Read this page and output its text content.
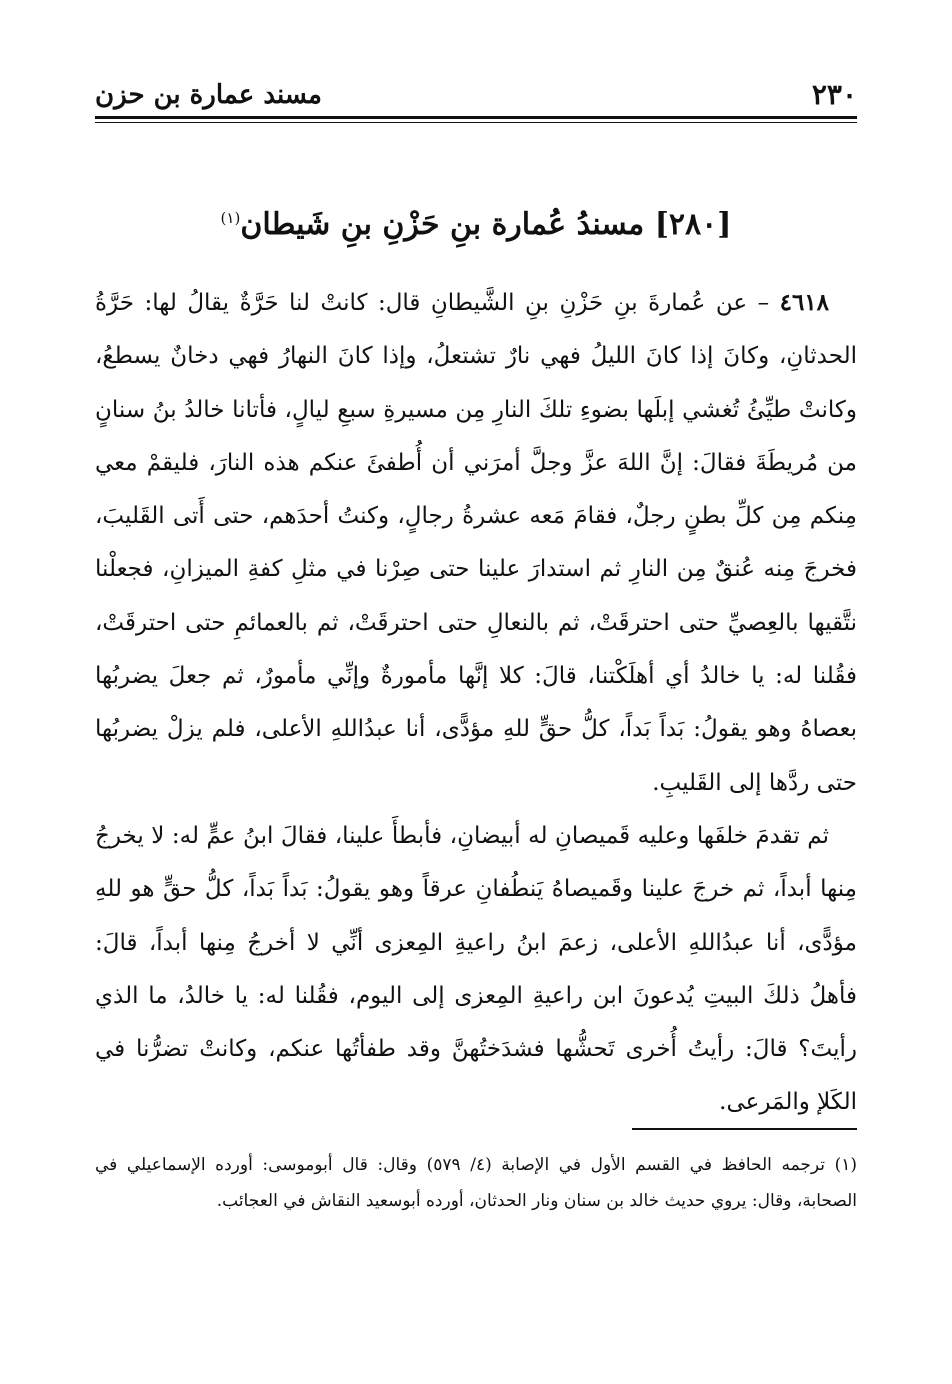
٢٣٠
مسند عمارة بن حزن
[٢٨٠] مسندُ عُمارة بنِ حَزْنِ بنِ شَيطان$^{(١)}$

٤٦١٨ – عن عُمارةَ بنِ حَزْنِ بنِ الشَّيطانِ قال: كانتْ لنا حَرَّةٌ يقالُ لها: حَرَّةُ الحدثانِ، وكانَ إذا كانَ الليلُ فهي نارٌ تشتعلُ، وإذا كانَ النهارُ فهي دخانٌ يسطعُ، وكانتْ طيِّئُ تُغشي إبلَها بضوءِ تلكَ النارِ مِن مسيرةِ سبعِ ليالٍ، فأتانا خالدُ بنُ سنانٍ من مُريطَةَ فقالَ: إنَّ اللهَ عزَّ وجلَّ أمرَني أن أُطفئَ عنكم هذه النارَ، فليقمْ معي مِنكم مِن كلِّ بطنٍ رجلٌ، فقامَ مَعه عشرةُ رجالٍ، وكنتُ أحدَهم، حتى أَتى القَليبَ، فخرجَ مِنه عُنقٌ مِن النارِ ثم استدارَ علينا حتى صِرْنا في مثلِ كفةِ الميزانِ، فجعلْنا نتَّقيها بالعِصيِّ حتى احترقَتْ، ثم بالنعالِ حتى احترقَتْ، ثم بالعمائمِ حتى احترقَتْ، فقُلنا له: يا خالدُ أي أهلَكْتنا، قالَ: كلا إنَّها مأمورةٌ وإنِّي مأمورٌ، ثم جعلَ يضربُها بعصاهُ وهو يقولُ: بَداً بَداً، كلُّ حقٍّ للهِ مؤدًّى، أنا عبدُاللهِ الأعلى، فلم يزلْ يضربُها حتى ردَّها إلى القَليبِ.

ثم تقدمَ خلفَها وعليه قَميصانِ له أبيضانِ، فأبطأَ علينا، فقالَ ابنُ عمٍّ له: لا يخرجُ مِنها أبداً، ثم خرجَ علينا وقَميصاهُ يَنطُفانِ عرقاً وهو يقولُ: بَداً بَداً، كلُّ حقٍّ هو للهِ مؤدًّى، أنا عبدُاللهِ الأعلى، زعمَ ابنُ راعيةِ المِعزى أنِّي لا أخرجُ مِنها أبداً، قالَ: فأهلُ ذلكَ البيتِ يُدعونَ ابن راعيةِ المِعزى إلى اليوم، فقُلنا له: يا خالدُ، ما الذي رأيتَ؟ قالَ: رأيتُ أُخرى تَحشُّها فشدَختُهنَّ وقد طفأتُها عنكم، وكانتْ تضرُّنا في الكَلإ والمَرعى.

(١) ترجمه الحافظ في القسم الأول في الإصابة (٤/ ٥٧٩) وقال: قال أبوموسى: أورده الإسماعيلي في الصحابة، وقال: يروي حديث خالد بن سنان ونار الحدثان، أورده أبوسعيد النقاش في العجائب.
